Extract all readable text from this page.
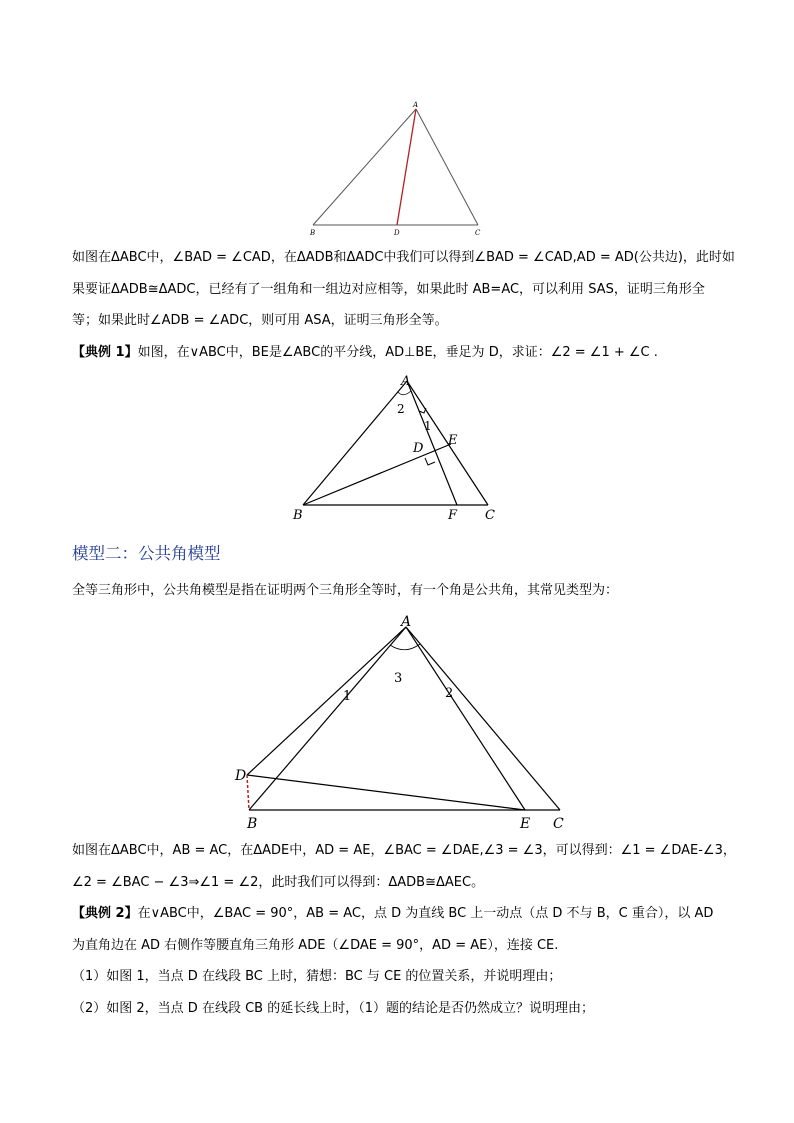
A
B	D	C
如图在ΔABC中，∠BAD = ∠CAD，在ΔADB和ΔADC中我们可以得到∠BAD = ∠CAD,AD = AD(公共边)，此时如
果要证ΔADB≅ΔADC，已经有了一组角和一组边对应相等，如果此时 AB=AC，可以利用 SAS，证明三角形全
等；如果此时∠ADB = ∠ADC，则可用 ASA，证明三角形全等。
【典例 1】如图，在∨ABC中，BE是∠ABC的平分线，AD⊥BE，垂足为 D，求证：∠2 = ∠1 + ∠C .
A
2
1
E
D
B	F C
模型二：公共角模型
全等三角形中，公共角模型是指在证明两个三角形全等时，有一个角是公共角，其常见类型为：
A
3
1	2
D
B	E C
如图在ΔABC中，AB = AC，在ΔADE中，AD = AE，∠BAC = ∠DAE,∠3 = ∠3，可以得到：∠1 = ∠DAE-∠3，
∠2 = ∠BAC − ∠3⇒∠1 = ∠2，此时我们可以得到：ΔADB≅ΔAEC。
【典例 2】在∨ABC中，∠BAC = 90°，AB = AC，点 D 为直线 BC 上一动点（点 D 不与 B，C 重合），以 AD
为直角边在 AD 右侧作等腰直角三角形 ADE（∠DAE = 90°，AD = AE），连接 CE.
（1）如图 1，当点 D 在线段 BC 上时，猜想：BC 与 CE 的位置关系，并说明理由；
（2）如图 2，当点 D 在线段 CB 的延长线上时，（1）题的结论是否仍然成立？说明理由；
